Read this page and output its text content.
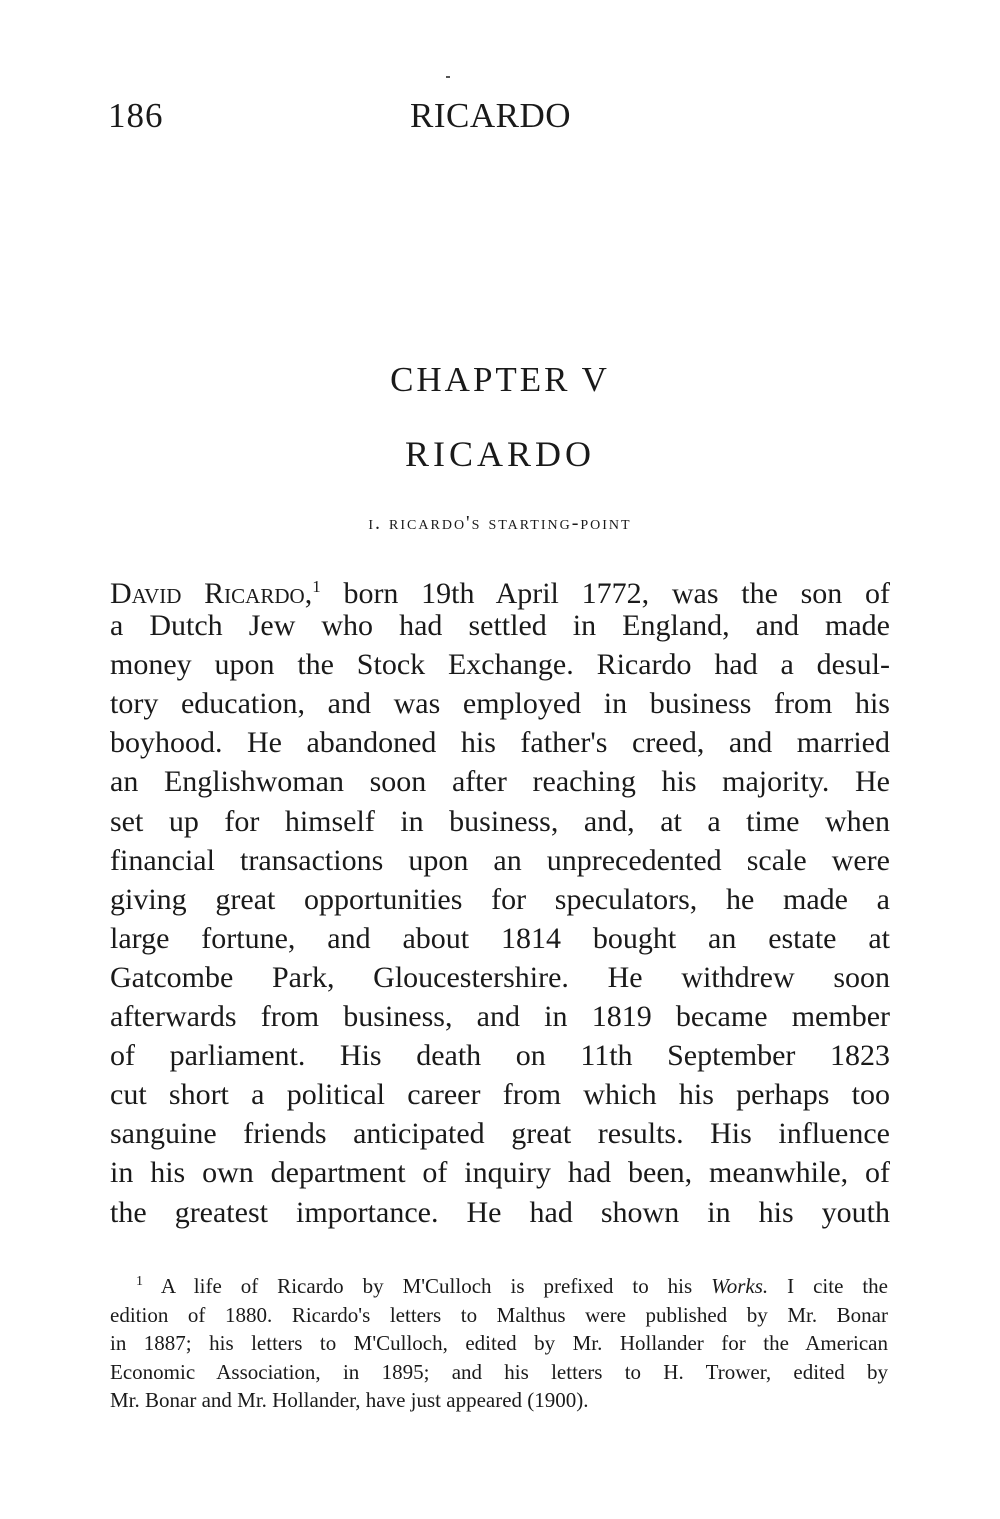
186	RICARDO
CHAPTER V
RICARDO
i. ricardo's starting-point
David Ricardo,$^1$ born 19th April 1772, was the son of
a Dutch Jew who had settled in England, and made
money upon the Stock Exchange. Ricardo had a desul-
tory education, and was employed in business from his
boyhood. He abandoned his father's creed, and married
an Englishwoman soon after reaching his majority. He
set up for himself in business, and, at a time when
financial transactions upon an unprecedented scale were
giving great opportunities for speculators, he made a
large fortune, and about 1814 bought an estate at
Gatcombe Park, Gloucestershire. He withdrew soon
afterwards from business, and in 1819 became member
of parliament. His death on 11th September 1823
cut short a political career from which his perhaps too
sanguine friends anticipated great results. His influence
in his own department of inquiry had been, meanwhile, of
the greatest importance. He had shown in his youth
$^1$ A life of Ricardo by M'Culloch is prefixed to his Works. I cite the
edition of 1880. Ricardo's letters to Malthus were published by Mr. Bonar
in 1887; his letters to M'Culloch, edited by Mr. Hollander for the American
Economic Association, in 1895; and his letters to H. Trower, edited by
Mr. Bonar and Mr. Hollander, have just appeared (1900).
